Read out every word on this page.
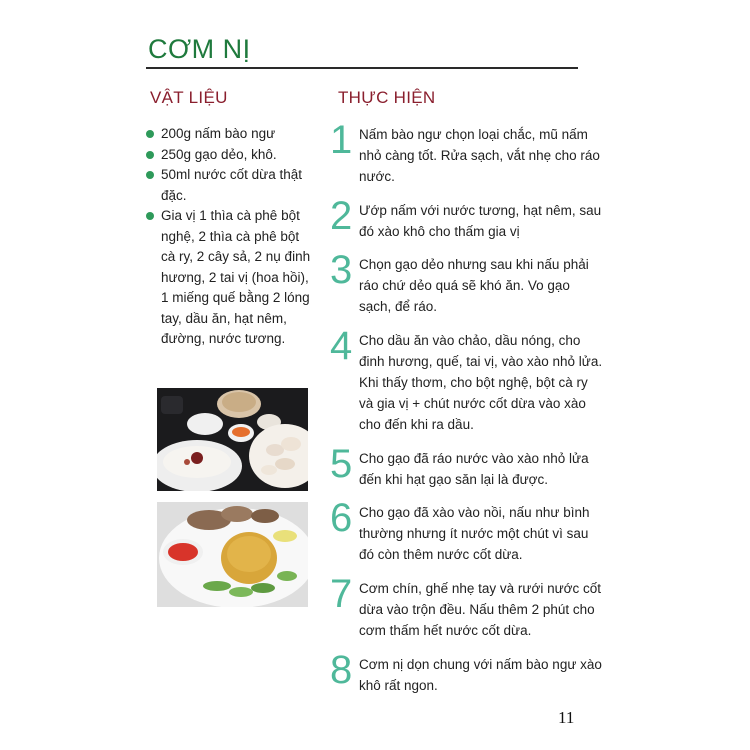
CƠM NỊ
VẬT LIỆU	THỰC HIỆN
200g nấm bào ngư
250g gạo dẻo, khô.
50ml nước cốt dừa thật đặc.
Gia vị 1 thìa cà phê bột nghệ, 2 thìa cà phê bột cà ry, 2 cây sả, 2 nụ đinh hương, 2 tai vị (hoa hồi), 1 miếng quế bằng 2 lóng tay, dầu ăn, hạt nêm, đường, nước tương.
1 Nấm bào ngư chọn loại chắc, mũ nấm nhỏ càng tốt. Rửa sạch, vắt nhẹ cho ráo nước.
2 Ướp nấm với nước tương, hạt nêm, sau đó xào khô cho thấm gia vị
3 Chọn gạo dẻo nhưng sau khi nấu phải ráo chứ dẻo quá sẽ khó ăn. Vo gạo sạch, để ráo.
4 Cho dầu ăn vào chảo, dầu nóng, cho đinh hương, quế, tai vị, vào xào nhỏ lửa. Khi thấy thơm, cho bột nghệ, bột cà ry và gia vị + chút nước cốt dừa vào xào cho đến khi ra dầu.
5 Cho gạo đã ráo nước vào xào nhỏ lửa đến khi hạt gạo săn lại là được.
6 Cho gạo đã xào vào nồi, nấu như bình thường nhưng ít nước một chút vì sau đó còn thêm nước cốt dừa.
7 Cơm chín, ghế nhẹ tay và rưới nước cốt dừa vào trộn đều. Nấu thêm 2 phút cho cơm thấm hết nước cốt dừa.
8 Cơm nị dọn chung với nấm bào ngư xào khô rất ngon.
11
